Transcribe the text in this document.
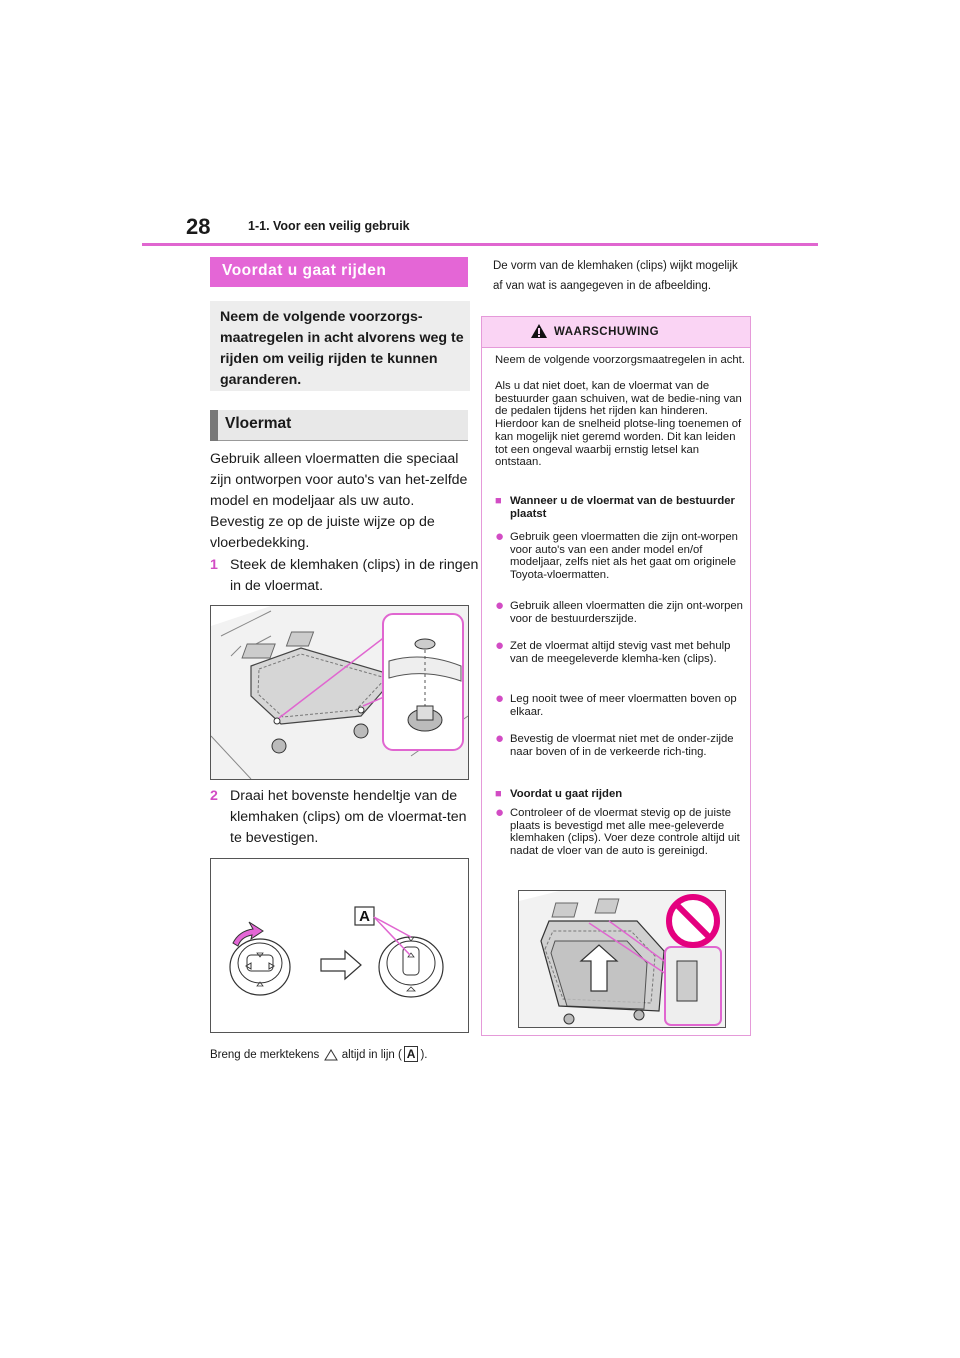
28	1-1. Voor een veilig gebruik
Voordat u gaat rijden
Neem de volgende voorzorgs-maatregelen in acht alvorens weg te rijden om veilig rijden te kunnen garanderen.
Vloermat
Gebruik alleen vloermatten die speciaal zijn ontworpen voor auto's van het-zelfde model en modeljaar als uw auto. Bevestig ze op de juiste wijze op de vloerbedekking.
1 Steek de klemhaken (clips) in de ringen in de vloermat.
2 Draai het bovenste hendeltje van de klemhaken (clips) om de vloermat-ten te bevestigen.
A
Breng de merktekens altijd in lijn ( A ).
De vorm van de klemhaken (clips) wijkt mogelijk af van wat is aangegeven in de afbeelding.
WAARSCHUWING
Neem de volgende voorzorgsmaatregelen in acht.
Als u dat niet doet, kan de vloermat van de bestuurder gaan schuiven, wat de bedie-ning van de pedalen tijdens het rijden kan hinderen. Hierdoor kan de snelheid plotse-ling toenemen of kan mogelijk niet geremd worden. Dit kan leiden tot een ongeval waarbij ernstig letsel kan ontstaan.
■ Wanneer u de vloermat van de bestuurder plaatst
● Gebruik geen vloermatten die zijn ont-worpen voor auto's van een ander model en/of modeljaar, zelfs niet als het gaat om originele Toyota-vloermatten.
● Gebruik alleen vloermatten die zijn ont-worpen voor de bestuurderszijde.
● Zet de vloermat altijd stevig vast met behulp van de meegeleverde klemha-ken (clips).
● Leg nooit twee of meer vloermatten boven op elkaar.
● Bevestig de vloermat niet met de onder-zijde naar boven of in de verkeerde rich-ting.
■ Voordat u gaat rijden
● Controleer of de vloermat stevig op de juiste plaats is bevestigd met alle mee-geleverde klemhaken (clips). Voer deze controle altijd uit nadat de vloer van de auto is gereinigd.
